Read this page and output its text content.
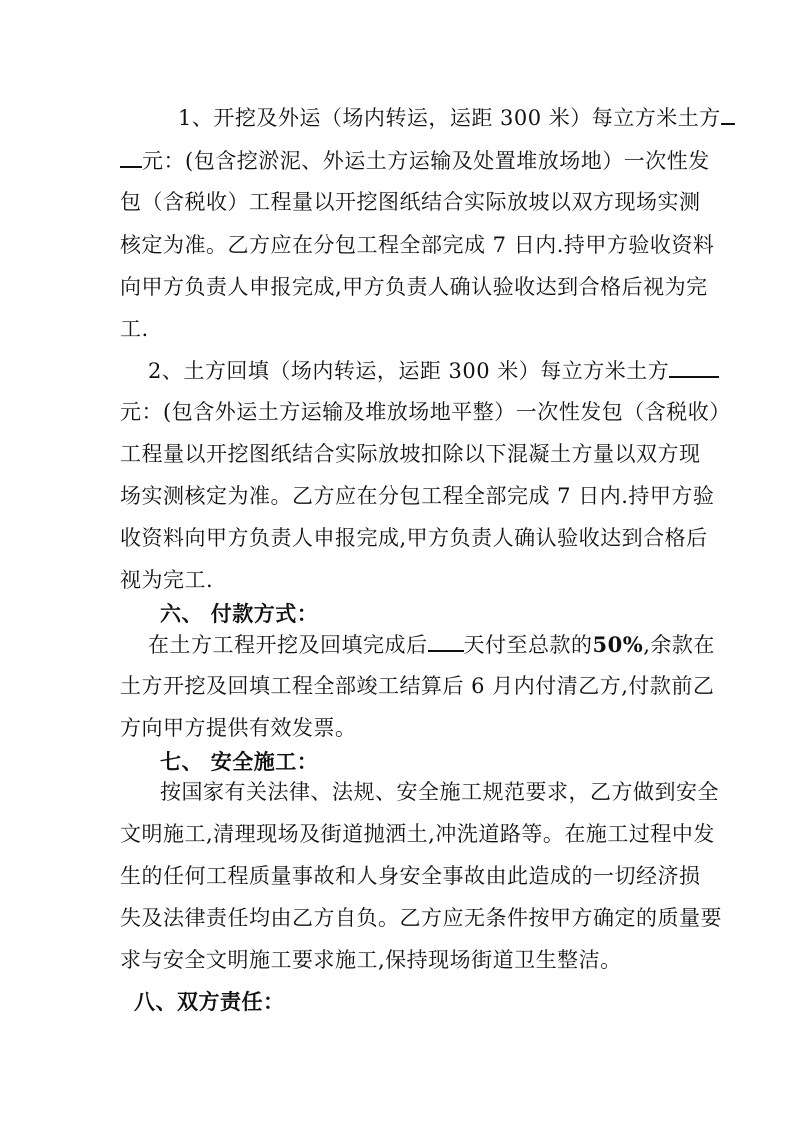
1、开挖及外运（场内转运，运距 300 米）每立方米土方
元：(包含挖淤泥、外运土方运输及处置堆放场地）一次性发
包（含税收）工程量以开挖图纸结合实际放坡以双方现场实测
核定为准。乙方应在分包工程全部完成 7 日内.持甲方验收资料
向甲方负责人申报完成,甲方负责人确认验收达到合格后视为完
工.
2、土方回填（场内转运，运距 300 米）每立方米土方
元：(包含外运土方运输及堆放场地平整）一次性发包（含税收）
工程量以开挖图纸结合实际放坡扣除以下混凝土方量以双方现
场实测核定为准。乙方应在分包工程全部完成 7 日内.持甲方验
收资料向甲方负责人申报完成,甲方负责人确认验收达到合格后
视为完工.
六、 付款方式：
在土方工程开挖及回填完成后 天付至总款的50%,余款在
土方开挖及回填工程全部竣工结算后 6 月内付清乙方,付款前乙
方向甲方提供有效发票。
七、 安全施工：
按国家有关法律、法规、安全施工规范要求，乙方做到安全
文明施工,清理现场及街道抛洒土,冲洗道路等。在施工过程中发
生的任何工程质量事故和人身安全事故由此造成的一切经济损
失及法律责任均由乙方自负。乙方应无条件按甲方确定的质量要
求与安全文明施工要求施工,保持现场街道卫生整洁。
八、双方责任：
